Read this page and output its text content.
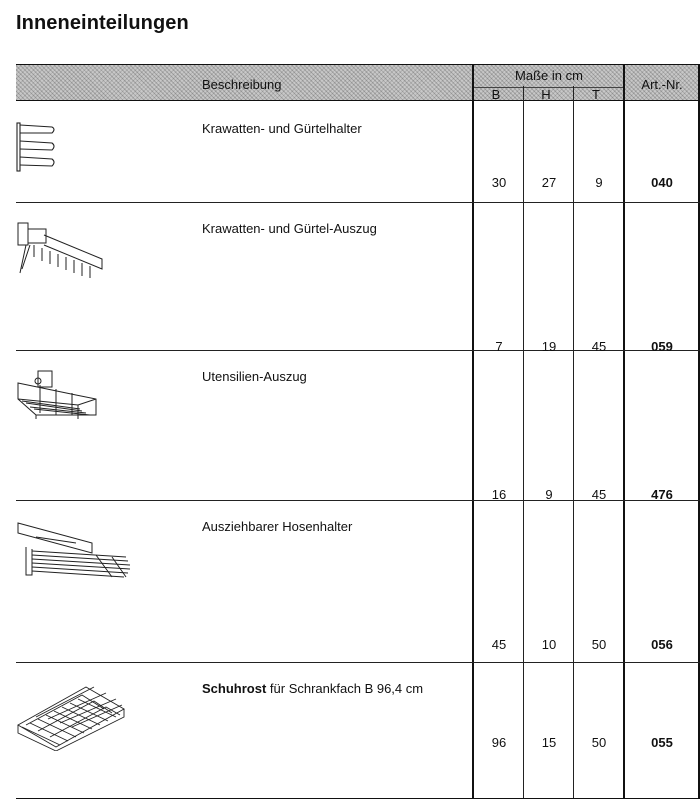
Inneneinteilungen
Beschreibung
Maße in cm
B	H	T
Art.-Nr.
Krawatten- und Gürtelhalter
30	27	9	040
Krawatten- und Gürtel-Auszug
7	19	45	059
Utensilien-Auszug
16	9	45	476
Ausziehbarer Hosenhalter
45	10	50	056
Schuhrost für Schrankfach B 96,4 cm
96	15	50	055
